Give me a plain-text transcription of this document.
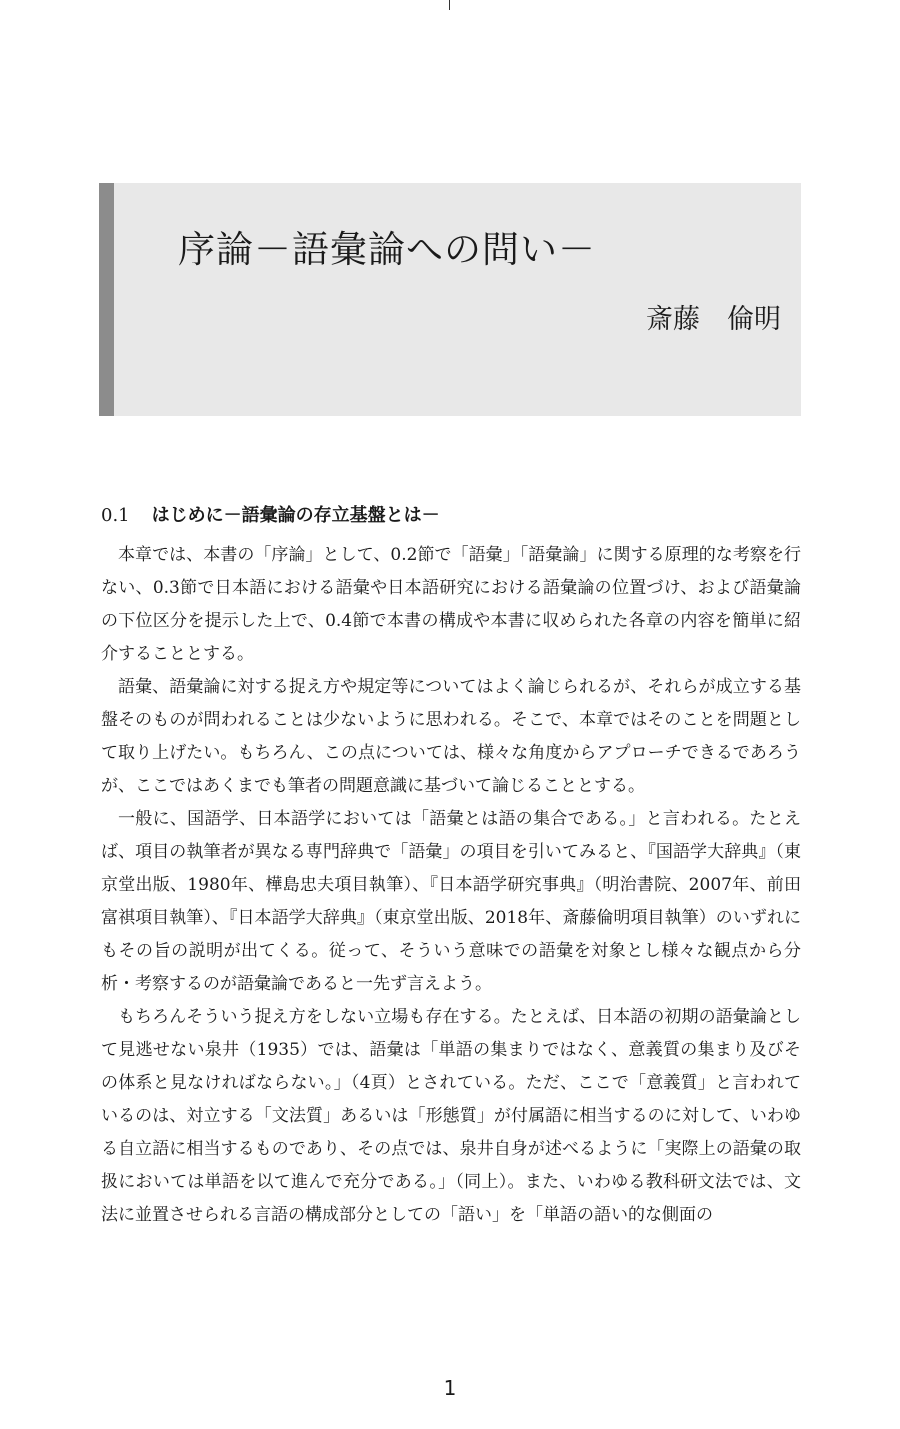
序論－語彙論への問い－
斎藤　倫明
0.1 はじめに－語彙論の存立基盤とは－

本章では、本書の「序論」として、0.2節で「語彙」「語彙論」に関する原理的な考察を行ない、0.3節で日本語における語彙や日本語研究における語彙論の位置づけ、および語彙論の下位区分を提示した上で、0.4節で本書の構成や本書に収められた各章の内容を簡単に紹介することとする。

語彙、語彙論に対する捉え方や規定等についてはよく論じられるが、それらが成立する基盤そのものが問われることは少ないように思われる。そこで、本章ではそのことを問題として取り上げたい。もちろん、この点については、様々な角度からアプローチできるであろうが、ここではあくまでも筆者の問題意識に基づいて論じることとする。

一般に、国語学、日本語学においては「語彙とは語の集合である。」と言われる。たとえば、項目の執筆者が異なる専門辞典で「語彙」の項目を引いてみると、『国語学大辞典』（東京堂出版、1980年、樺島忠夫項目執筆）、『日本語学研究事典』（明治書院、2007年、前田富祺項目執筆）、『日本語学大辞典』（東京堂出版、2018年、斎藤倫明項目執筆）のいずれにもその旨の説明が出てくる。従って、そういう意味での語彙を対象とし様々な観点から分析・考察するのが語彙論であると一先ず言えよう。

もちろんそういう捉え方をしない立場も存在する。たとえば、日本語の初期の語彙論として見逃せない泉井（1935）では、語彙は「単語の集まりではなく、意義質の集まり及びその体系と見なければならない。」（4頁）とされている。ただ、ここで「意義質」と言われているのは、対立する「文法質」あるいは「形態質」が付属語に相当するのに対して、いわゆる自立語に相当するものであり、その点では、泉井自身が述べるように「実際上の語彙の取扱においては単語を以て進んで充分である。」（同上）。また、いわゆる教科研文法では、文法に並置させられる言語の構成部分としての「語い」を「単語の語い的な側面の

1
